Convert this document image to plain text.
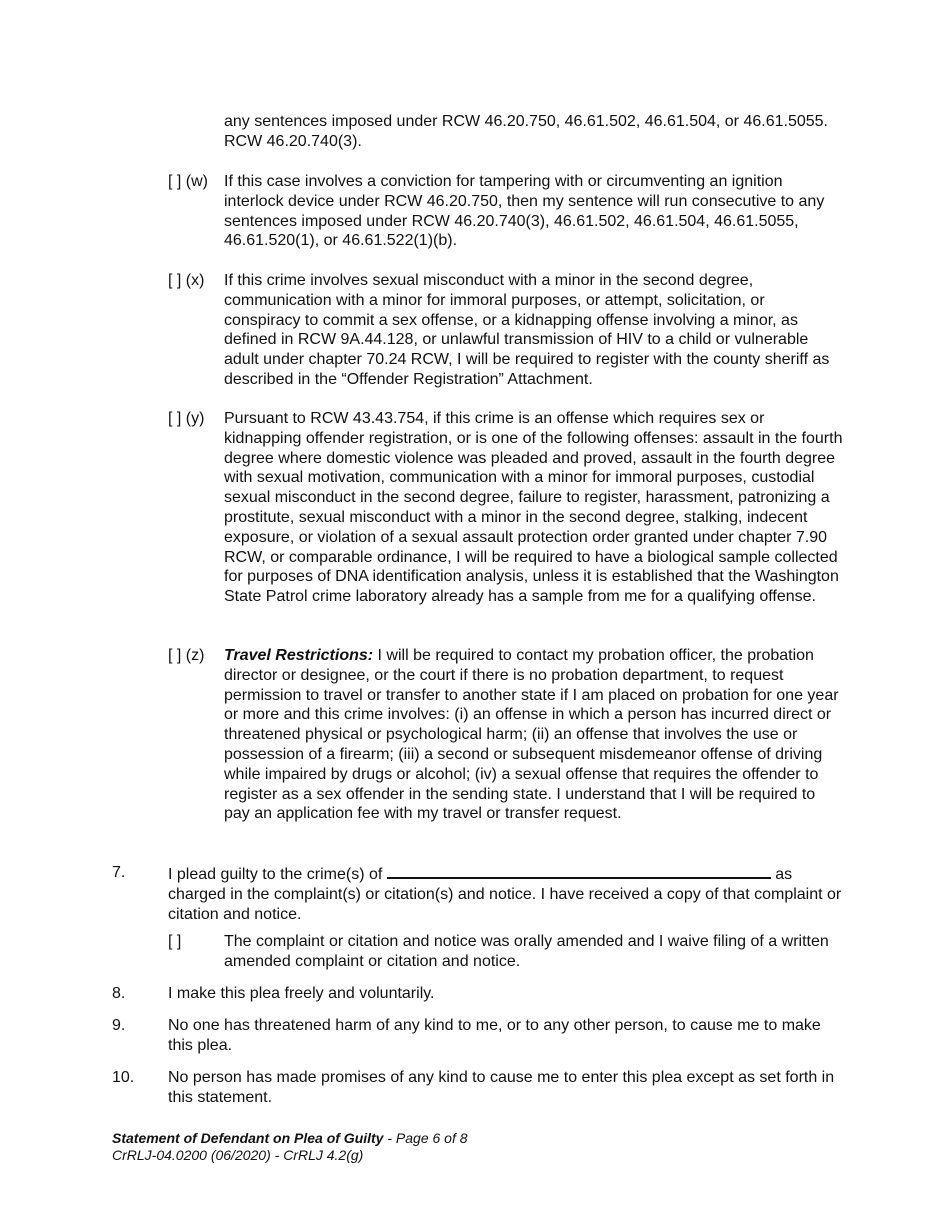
any sentences imposed under RCW 46.20.750, 46.61.502, 46.61.504, or 46.61.5055. RCW 46.20.740(3).
[ ] (w) If this case involves a conviction for tampering with or circumventing an ignition interlock device under RCW 46.20.750, then my sentence will run consecutive to any sentences imposed under RCW 46.20.740(3), 46.61.502, 46.61.504, 46.61.5055, 46.61.520(1), or 46.61.522(1)(b).
[ ] (x) If this crime involves sexual misconduct with a minor in the second degree, communication with a minor for immoral purposes, or attempt, solicitation, or conspiracy to commit a sex offense, or a kidnapping offense involving a minor, as defined in RCW 9A.44.128, or unlawful transmission of HIV to a child or vulnerable adult under chapter 70.24 RCW, I will be required to register with the county sheriff as described in the “Offender Registration” Attachment.
[ ] (y) Pursuant to RCW 43.43.754, if this crime is an offense which requires sex or kidnapping offender registration, or is one of the following offenses: assault in the fourth degree where domestic violence was pleaded and proved, assault in the fourth degree with sexual motivation, communication with a minor for immoral purposes, custodial sexual misconduct in the second degree, failure to register, harassment, patronizing a prostitute, sexual misconduct with a minor in the second degree, stalking, indecent exposure, or violation of a sexual assault protection order granted under chapter 7.90 RCW, or comparable ordinance, I will be required to have a biological sample collected for purposes of DNA identification analysis, unless it is established that the Washington State Patrol crime laboratory already has a sample from me for a qualifying offense.
[ ] (z) Travel Restrictions: I will be required to contact my probation officer, the probation director or designee, or the court if there is no probation department, to request permission to travel or transfer to another state if I am placed on probation for one year or more and this crime involves: (i) an offense in which a person has incurred direct or threatened physical or psychological harm; (ii) an offense that involves the use or possession of a firearm; (iii) a second or subsequent misdemeanor offense of driving while impaired by drugs or alcohol; (iv) a sexual offense that requires the offender to register as a sex offender in the sending state. I understand that I will be required to pay an application fee with my travel or transfer request.
7.	I plead guilty to the crime(s) of	as charged in the complaint(s) or citation(s) and notice. I have received a copy of that complaint or citation and notice.
[ ]	The complaint or citation and notice was orally amended and I waive filing of a written amended complaint or citation and notice.
8.	I make this plea freely and voluntarily.
9.	No one has threatened harm of any kind to me, or to any other person, to cause me to make this plea.
10. No person has made promises of any kind to cause me to enter this plea except as set forth in this statement.
Statement of Defendant on Plea of Guilty - Page 6 of 8
CrRLJ-04.0200 (06/2020) - CrRLJ 4.2(g)
